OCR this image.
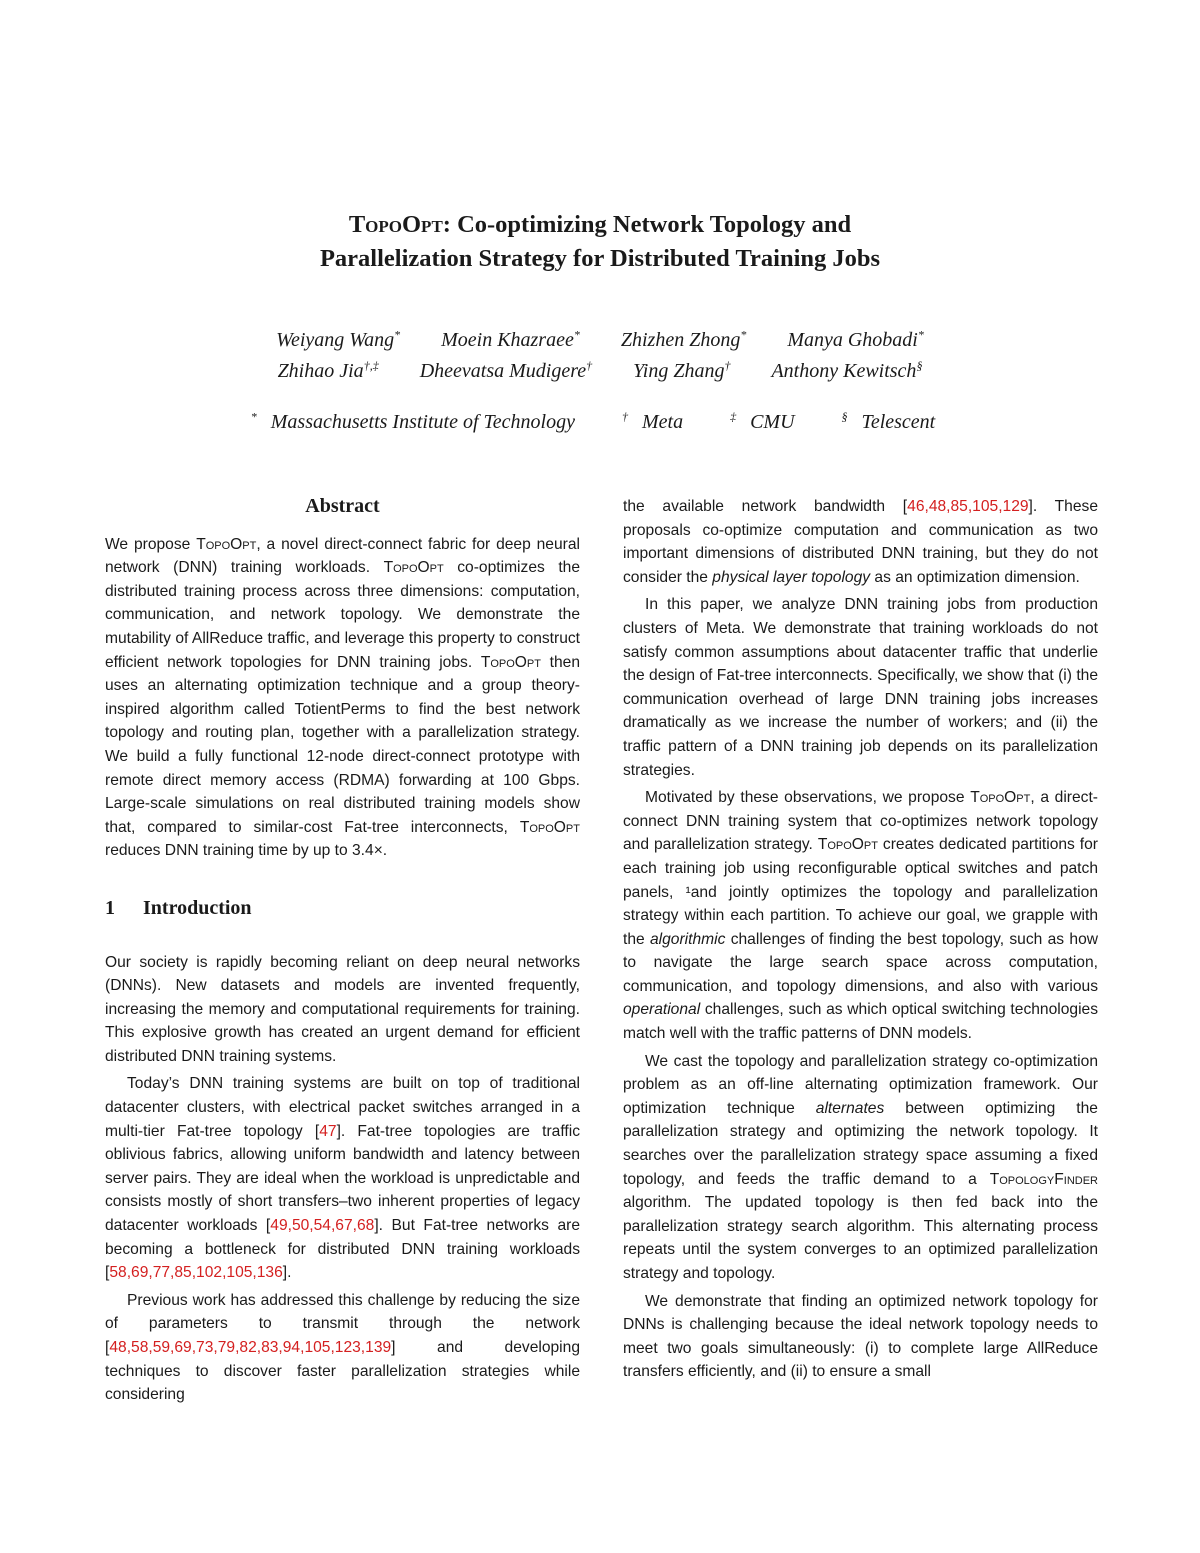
TopoOpt: Co-optimizing Network Topology and
Parallelization Strategy for Distributed Training Jobs
Weiyang Wang* Moein Khazraee* Zhizhen Zhong* Manya Ghobadi*
Zhihao Jia†,‡ Dheevatsa Mudigere† Ying Zhang† Anthony Kewitsch§
* Massachusetts Institute of Technology	† Meta	‡ CMU	§ Telescent
Abstract

We propose TopoOpt, a novel direct-connect fabric for deep neural network (DNN) training workloads. TopoOpt co-optimizes the distributed training process across three dimensions: computation, communication, and network topology. We demonstrate the mutability of AllReduce traffic, and leverage this property to construct efficient network topologies for DNN training jobs. TopoOpt then uses an alternating optimization technique and a group theory-inspired algorithm called TotientPerms to find the best network topology and routing plan, together with a parallelization strategy. We build a fully functional 12-node direct-connect prototype with remote direct memory access (RDMA) forwarding at 100 Gbps. Large-scale simulations on real distributed training models show that, compared to similar-cost Fat-tree interconnects, TopoOpt reduces DNN training time by up to 3.4×.

1 Introduction

Our society is rapidly becoming reliant on deep neural networks (DNNs). New datasets and models are invented frequently, increasing the memory and computational requirements for training. This explosive growth has created an urgent demand for efficient distributed DNN training systems.

Today’s DNN training systems are built on top of traditional datacenter clusters, with electrical packet switches arranged in a multi-tier Fat-tree topology [47]. Fat-tree topologies are traffic oblivious fabrics, allowing uniform bandwidth and latency between server pairs. They are ideal when the workload is unpredictable and consists mostly of short transfers–two inherent properties of legacy datacenter workloads [49,50,54,67,68]. But Fat-tree networks are becoming a bottleneck for distributed DNN training workloads [58,69,77,85,102,105,136].

Previous work has addressed this challenge by reducing the size of parameters to transmit through the network [48,58,59,69,73,79,82,83,94,105,123,139] and developing techniques to discover faster parallelization strategies while considering

the available network bandwidth [46,48,85,105,129]. These proposals co-optimize computation and communication as two important dimensions of distributed DNN training, but they do not consider the physical layer topology as an optimization dimension.

In this paper, we analyze DNN training jobs from production clusters of Meta. We demonstrate that training workloads do not satisfy common assumptions about datacenter traffic that underlie the design of Fat-tree interconnects. Specifically, we show that (i) the communication overhead of large DNN training jobs increases dramatically as we increase the number of workers; and (ii) the traffic pattern of a DNN training job depends on its parallelization strategies.

Motivated by these observations, we propose TopoOpt, a direct-connect DNN training system that co-optimizes network topology and parallelization strategy. TopoOpt creates dedicated partitions for each training job using reconfigurable optical switches and patch panels, ¹and jointly optimizes the topology and parallelization strategy within each partition. To achieve our goal, we grapple with the algorithmic challenges of finding the best topology, such as how to navigate the large search space across computation, communication, and topology dimensions, and also with various operational challenges, such as which optical switching technologies match well with the traffic patterns of DNN models.

We cast the topology and parallelization strategy co-optimization problem as an off-line alternating optimization framework. Our optimization technique alternates between optimizing the parallelization strategy and optimizing the network topology. It searches over the parallelization strategy space assuming a fixed topology, and feeds the traffic demand to a TopologyFinder algorithm. The updated topology is then fed back into the parallelization strategy search algorithm. This alternating process repeats until the system converges to an optimized parallelization strategy and topology.

We demonstrate that finding an optimized network topology for DNNs is challenging because the ideal network topology needs to meet two goals simultaneously: (i) to complete large AllReduce transfers efficiently, and (ii) to ensure a small
